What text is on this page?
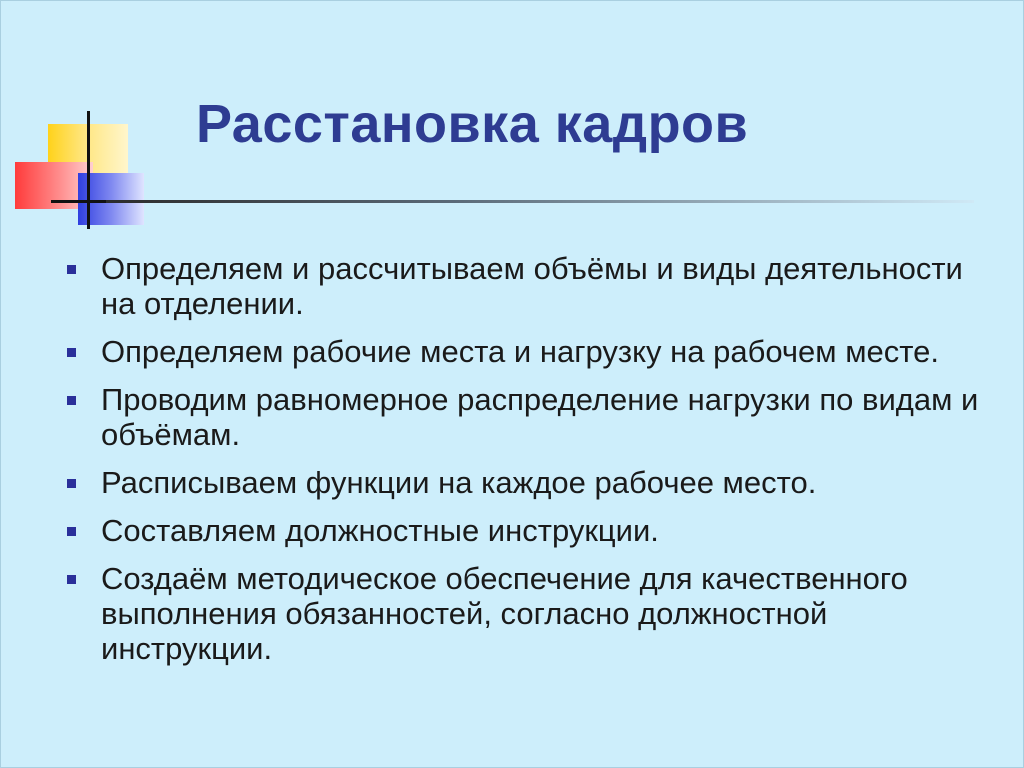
Расстановка кадров
Определяем и рассчитываем объёмы и виды деятельности на отделении.
Определяем рабочие места и нагрузку на рабочем месте.
Проводим равномерное распределение нагрузки по видам и объёмам.
Расписываем функции на каждое рабочее место.
Составляем должностные инструкции.
Создаём методическое обеспечение для качественного выполнения обязанностей, согласно должностной инструкции.
